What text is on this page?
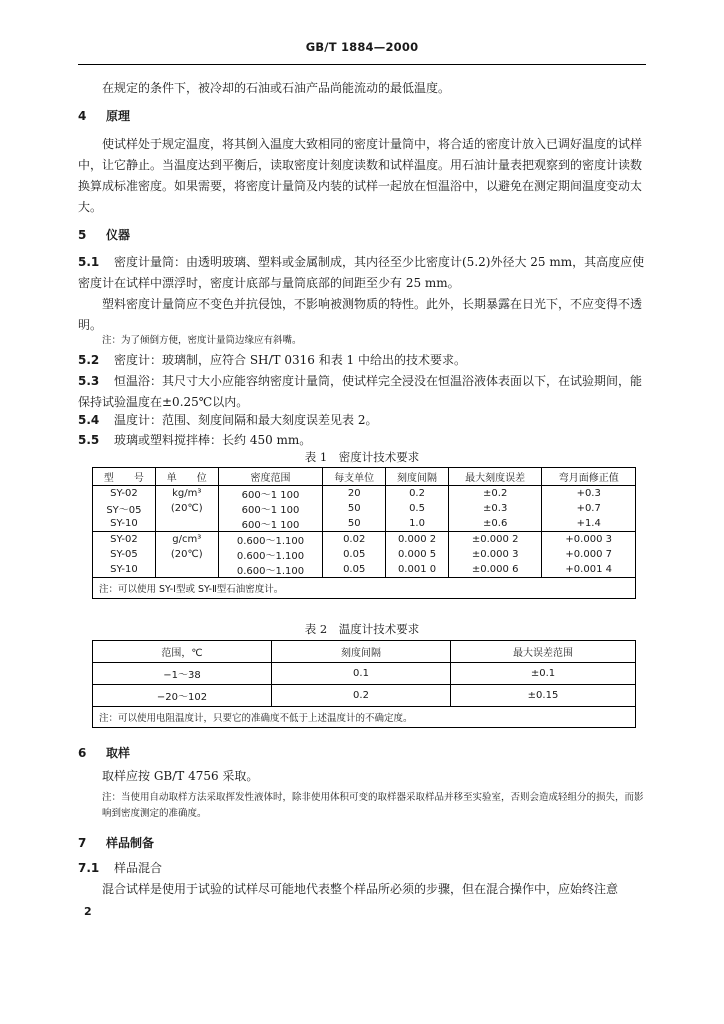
GB/T 1884—2000
在规定的条件下，被冷却的石油或石油产品尚能流动的最低温度。
4 原理
使试样处于规定温度，将其倒入温度大致相同的密度计量筒中，将合适的密度计放入已调好温度的试样中，让它静止。当温度达到平衡后，读取密度计刻度读数和试样温度。用石油计量表把观察到的密度计读数换算成标准密度。如果需要，将密度计量筒及内装的试样一起放在恒温浴中，以避免在测定期间温度变动太大。
5 仪器
5.1 密度计量筒：由透明玻璃、塑料或金属制成，其内径至少比密度计(5.2)外径大 25 mm，其高度应使密度计在试样中漂浮时，密度计底部与量筒底部的间距至少有 25 mm。
塑料密度计量筒应不变色并抗侵蚀，不影响被测物质的特性。此外，长期暴露在日光下，不应变得不透明。
注：为了倾倒方便，密度计量筒边缘应有斜嘴。
5.2 密度计：玻璃制，应符合 SH/T 0316 和表 1 中给出的技术要求。
5.3 恒温浴：其尺寸大小应能容纳密度计量筒，使试样完全浸没在恒温浴液体表面以下，在试验期间，能保持试验温度在±0.25℃以内。
5.4 温度计：范围、刻度间隔和最大刻度误差见表 2。
5.5 玻璃或塑料搅拌棒：长约 450 mm。
表 1　密度计技术要求
型　　号	单　　位	密度范围	每支单位	刻度间隔	最大刻度误差	弯月面修正值
SY-02	kg/m³	600～1 100	20	0.2	±0.2	+0.3
SY～05	(20℃)	600～1 100	50	0.5	±0.3	+0.7
SY-10		600～1 100	50	1.0	±0.6	+1.4
SY-02	g/cm³	0.600～1.100	0.02	0.000 2	±0.000 2	+0.000 3
SY-05	(20℃)	0.600～1.100	0.05	0.000 5	±0.000 3	+0.000 7
SY-10		0.600～1.100	0.05	0.001 0	±0.000 6	+0.001 4
注：可以使用 SY-Ⅰ型或 SY-Ⅱ型石油密度计。						
表 2　温度计技术要求
范围，℃	刻度间隔	最大误差范围
−1～38	0.1	±0.1
−20～102	0.2	±0.15
注：可以使用电阻温度计，只要它的准确度不低于上述温度计的不确定度。		
6 取样
取样应按 GB/T 4756 采取。
注：当使用自动取样方法采取挥发性液体时，除非使用体积可变的取样器采取样品并移至实验室，否则会造成轻组分的损失，而影响到密度测定的准确度。
7 样品制备
7.1 样品混合
混合试样是使用于试验的试样尽可能地代表整个样品所必须的步骤，但在混合操作中，应始终注意
2
